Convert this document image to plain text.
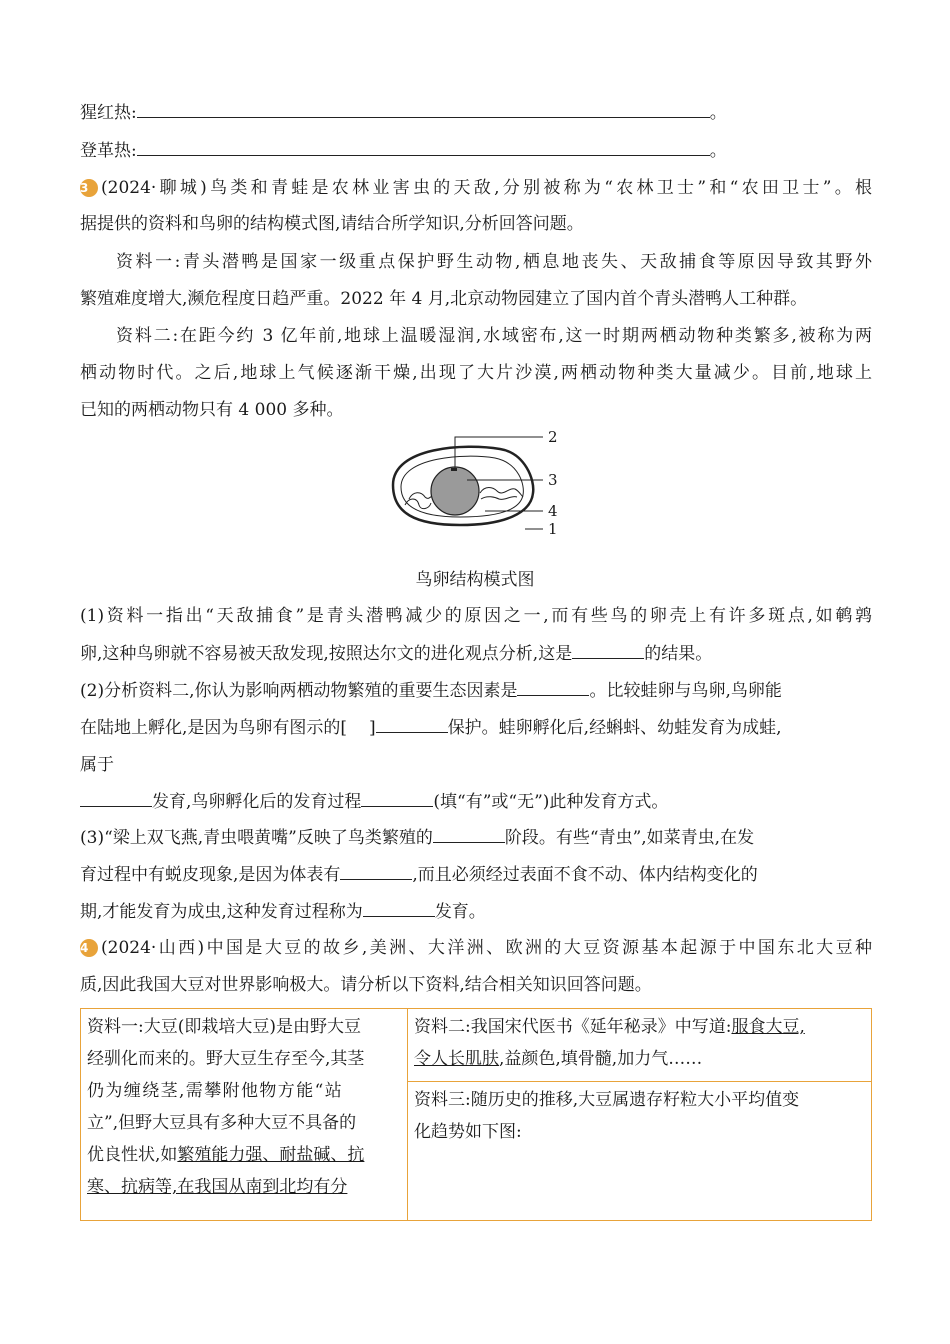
猩红热:	。
登革热:	。
3 (2024·聊城)鸟类和青蛙是农林业害虫的天敌,分别被称为“农林卫士”和“农田卫士”。根
据提供的资料和鸟卵的结构模式图,请结合所学知识,分析回答问题。
资料一:青头潜鸭是国家一级重点保护野生动物,栖息地丧失、天敌捕食等原因导致其野外
繁殖难度增大,濒危程度日趋严重。2022 年 4 月,北京动物园建立了国内首个青头潜鸭人工种群。
资料二:在距今约 3 亿年前,地球上温暖湿润,水域密布,这一时期两栖动物种类繁多,被称为两
栖动物时代。之后,地球上气候逐渐干燥,出现了大片沙漠,两栖动物种类大量减少。目前,地球上
已知的两栖动物只有 4 000 多种。
2
3
4
1
鸟卵结构模式图
(1)资料一指出“天敌捕食”是青头潜鸭减少的原因之一,而有些鸟的卵壳上有许多斑点,如鹌鹑
卵,这种鸟卵就不容易被天敌发现,按照达尔文的进化观点分析,这是	的结果。
(2)分析资料二,你认为影响两栖动物繁殖的重要生态因素是	。比较蛙卵与鸟卵,鸟卵能
在陆地上孵化,是因为鸟卵有图示的[ ]	保护。蛙卵孵化后,经蝌蚪、幼蛙发育为成蛙,
属于
发育,鸟卵孵化后的发育过程	(填“有”或“无”)此种发育方式。
(3)“梁上双飞燕,青虫喂黄嘴”反映了鸟类繁殖的	阶段。有些“青虫”,如菜青虫,在发
育过程中有蜕皮现象,是因为体表有	,而且必须经过表面不食不动、体内结构变化的
期,才能发育为成虫,这种发育过程称为	发育。
4 (2024·山西)中国是大豆的故乡,美洲、大洋洲、欧洲的大豆资源基本起源于中国东北大豆种
质,因此我国大豆对世界影响极大。请分析以下资料,结合相关知识回答问题。
资料一:大豆(即栽培大豆)是由野大豆
经驯化而来的。野大豆生存至今,其茎
仍为缠绕茎,需攀附他物方能“站
立”,但野大豆具有多种大豆不具备的
优良性状,如繁殖能力强、耐盐碱、抗
寒、抗病等,在我国从南到北均有分

资料二:我国宋代医书《延年秘录》中写道:服食大豆,
令人长肌肤,益颜色,填骨髓,加力气……

资料三:随历史的推移,大豆属遗存籽粒大小平均值变
化趋势如下图:
